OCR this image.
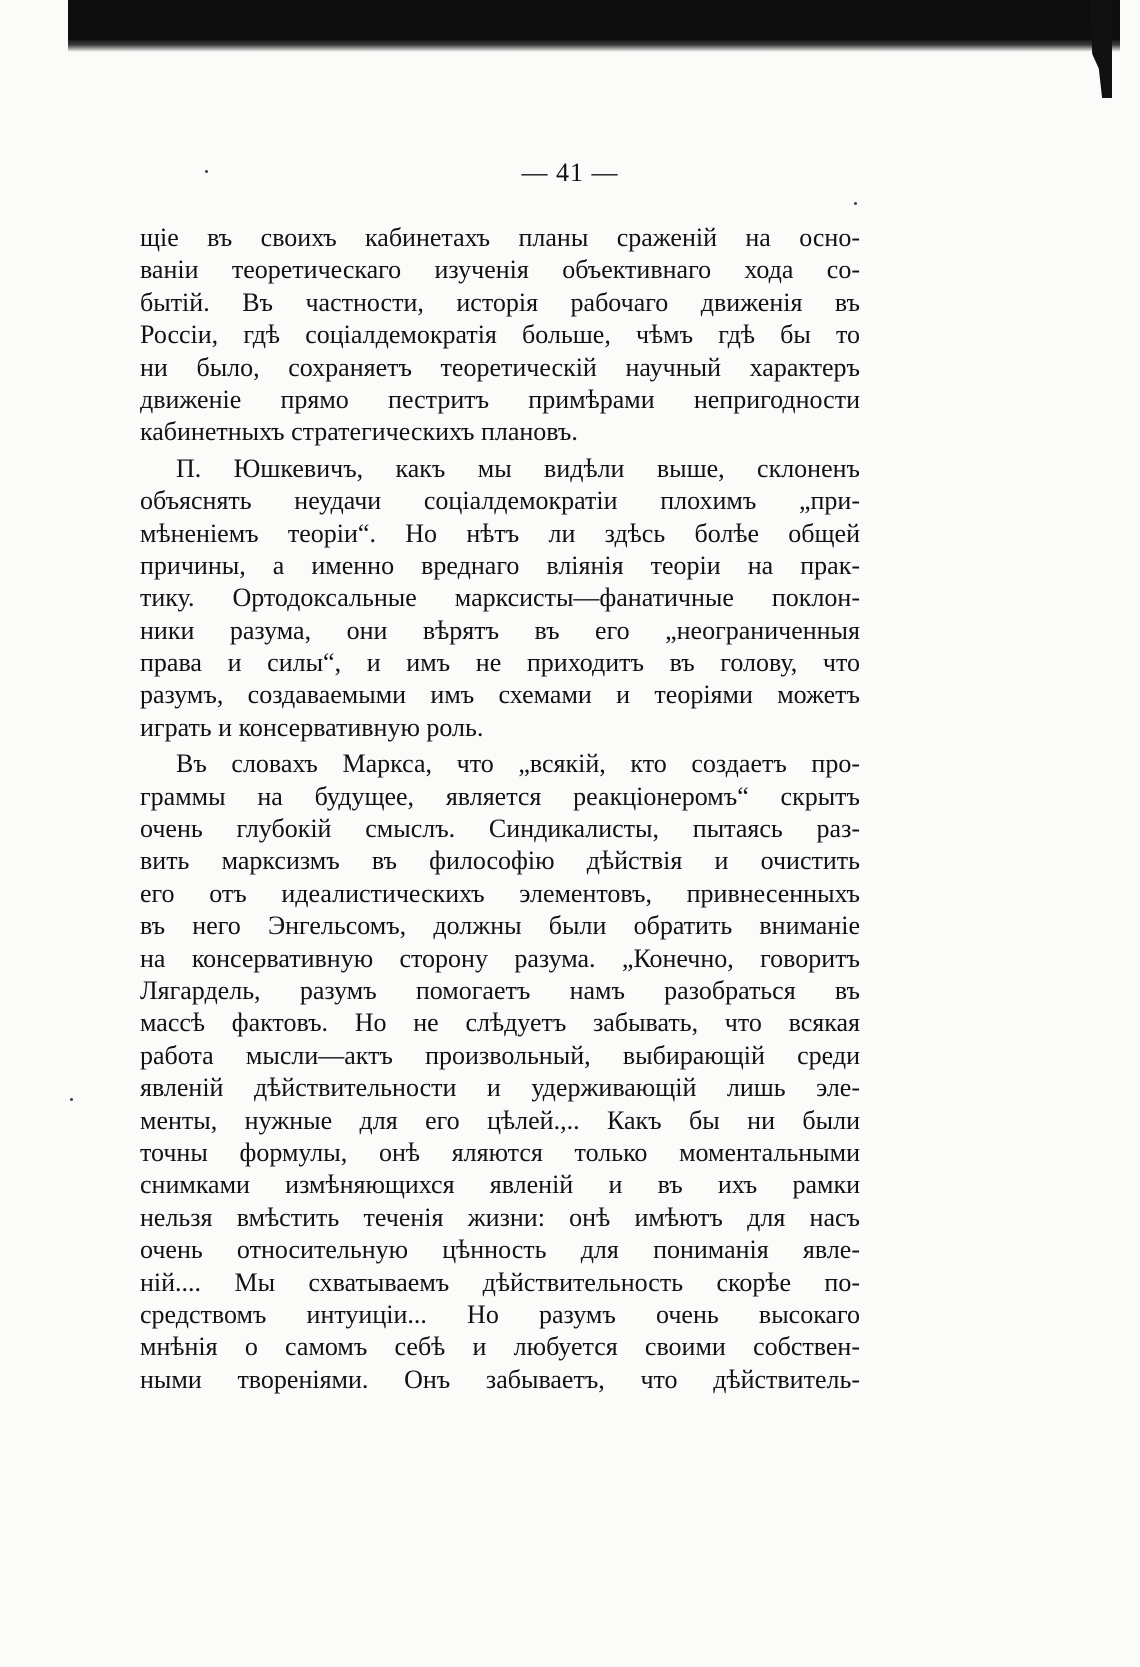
— 41 —
щіе въ своихъ кабинетахъ планы сраженій на осно-
ваніи теоретическаго изученія объективнаго хода со-
бытій. Въ частности, исторія рабочаго движенія въ
Россіи, гдѣ соціалдемократія больше, чѣмъ гдѣ бы то
ни было, сохраняетъ теоретическій научный характеръ
движеніе прямо пестритъ примѣрами непригодности
кабинетныхъ стратегическихъ плановъ.
П. Юшкевичъ, какъ мы видѣли выше, склоненъ
объяснять неудачи соціалдемократіи плохимъ „при-
мѣненіемъ теоріи“. Но нѣтъ ли здѣсь болѣе общей
причины, а именно вреднаго вліянія теоріи на прак-
тику. Ортодоксальные марксисты—фанатичные поклон-
ники разума, они вѣрятъ въ его „неограниченныя
права и силы“, и имъ не приходитъ въ голову, что
разумъ, создаваемыми имъ схемами и теоріями можетъ
играть и консервативную роль.
Въ словахъ Маркса, что „всякій, кто создаетъ про-
граммы на будущее, является реакціонеромъ“ скрытъ
очень глубокій смыслъ. Синдикалисты, пытаясь раз-
вить марксизмъ въ философію дѣйствія и очистить
его отъ идеалистическихъ элементовъ, привнесенныхъ
въ него Энгельсомъ, должны были обратить вниманіе
на консервативную сторону разума. „Конечно, говоритъ
Лягардель, разумъ помогаетъ намъ разобраться въ
массѣ фактовъ. Но не слѣдуетъ забывать, что всякая
работа мысли—актъ произвольный, выбирающій среди
явленій дѣйствительности и удерживающій лишь эле-
менты, нужные для его цѣлей.,.. Какъ бы ни были
точны формулы, онѣ яляются только моментальными
снимками измѣняющихся явленій и въ ихъ рамки
нельзя вмѣстить теченія жизни: онѣ имѣютъ для насъ
очень относительную цѣнность для пониманія явле-
ній.... Мы схватываемъ дѣйствительность скорѣе по-
средствомъ интуиціи... Но разумъ очень высокаго
мнѣнія о самомъ себѣ и любуется своими собствен-
ными твореніями. Онъ забываетъ, что дѣйствитель-
